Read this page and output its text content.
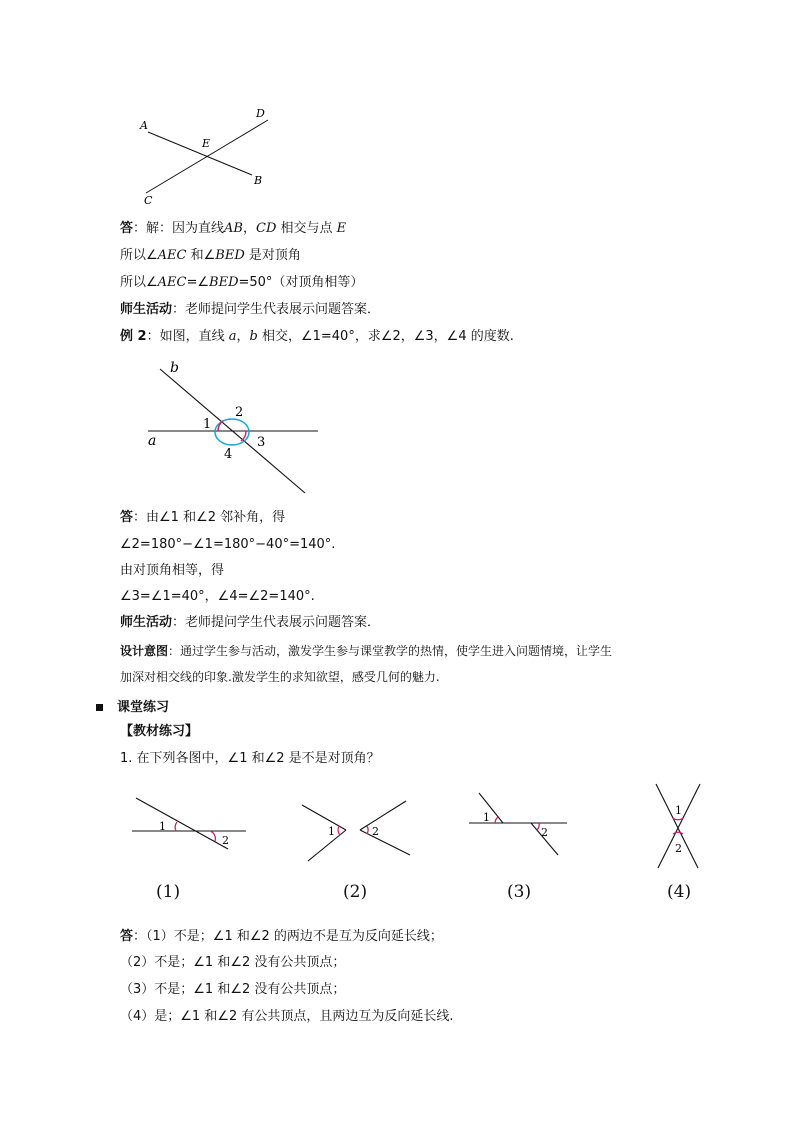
A
D
E
B
C
答：解：因为直线AB，CD 相交与点 E
所以∠AEC 和∠BED 是对顶角
所以∠AEC=∠BED=50°（对顶角相等）
师生活动：老师提问学生代表展示问题答案．
例 2：如图，直线 a，b 相交，∠1=40°，求∠2，∠3，∠4 的度数.
b
a
1
2
3
4
答：由∠1 和∠2 邻补角，得
∠2=180°−∠1=180°−40°=140°.
由对顶角相等，得
∠3=∠1=40°，∠4=∠2=140°.
师生活动：老师提问学生代表展示问题答案．
设计意图：通过学生参与活动，激发学生参与课堂教学的热情，使学生进入问题情境，让学生
加深对相交线的印象.激发学生的求知欲望，感受几何的魅力.
课堂练习
【教材练习】
1. 在下列各图中，∠1 和∠2 是不是对顶角？
1
2
1	2
1
2
1
2
(1)	(2)	(3)	(4)
答：（1）不是；∠1 和∠2 的两边不是互为反向延长线；
（2）不是；∠1 和∠2 没有公共顶点；
（3）不是；∠1 和∠2 没有公共顶点；
（4）是；∠1 和∠2 有公共顶点，且两边互为反向延长线.
